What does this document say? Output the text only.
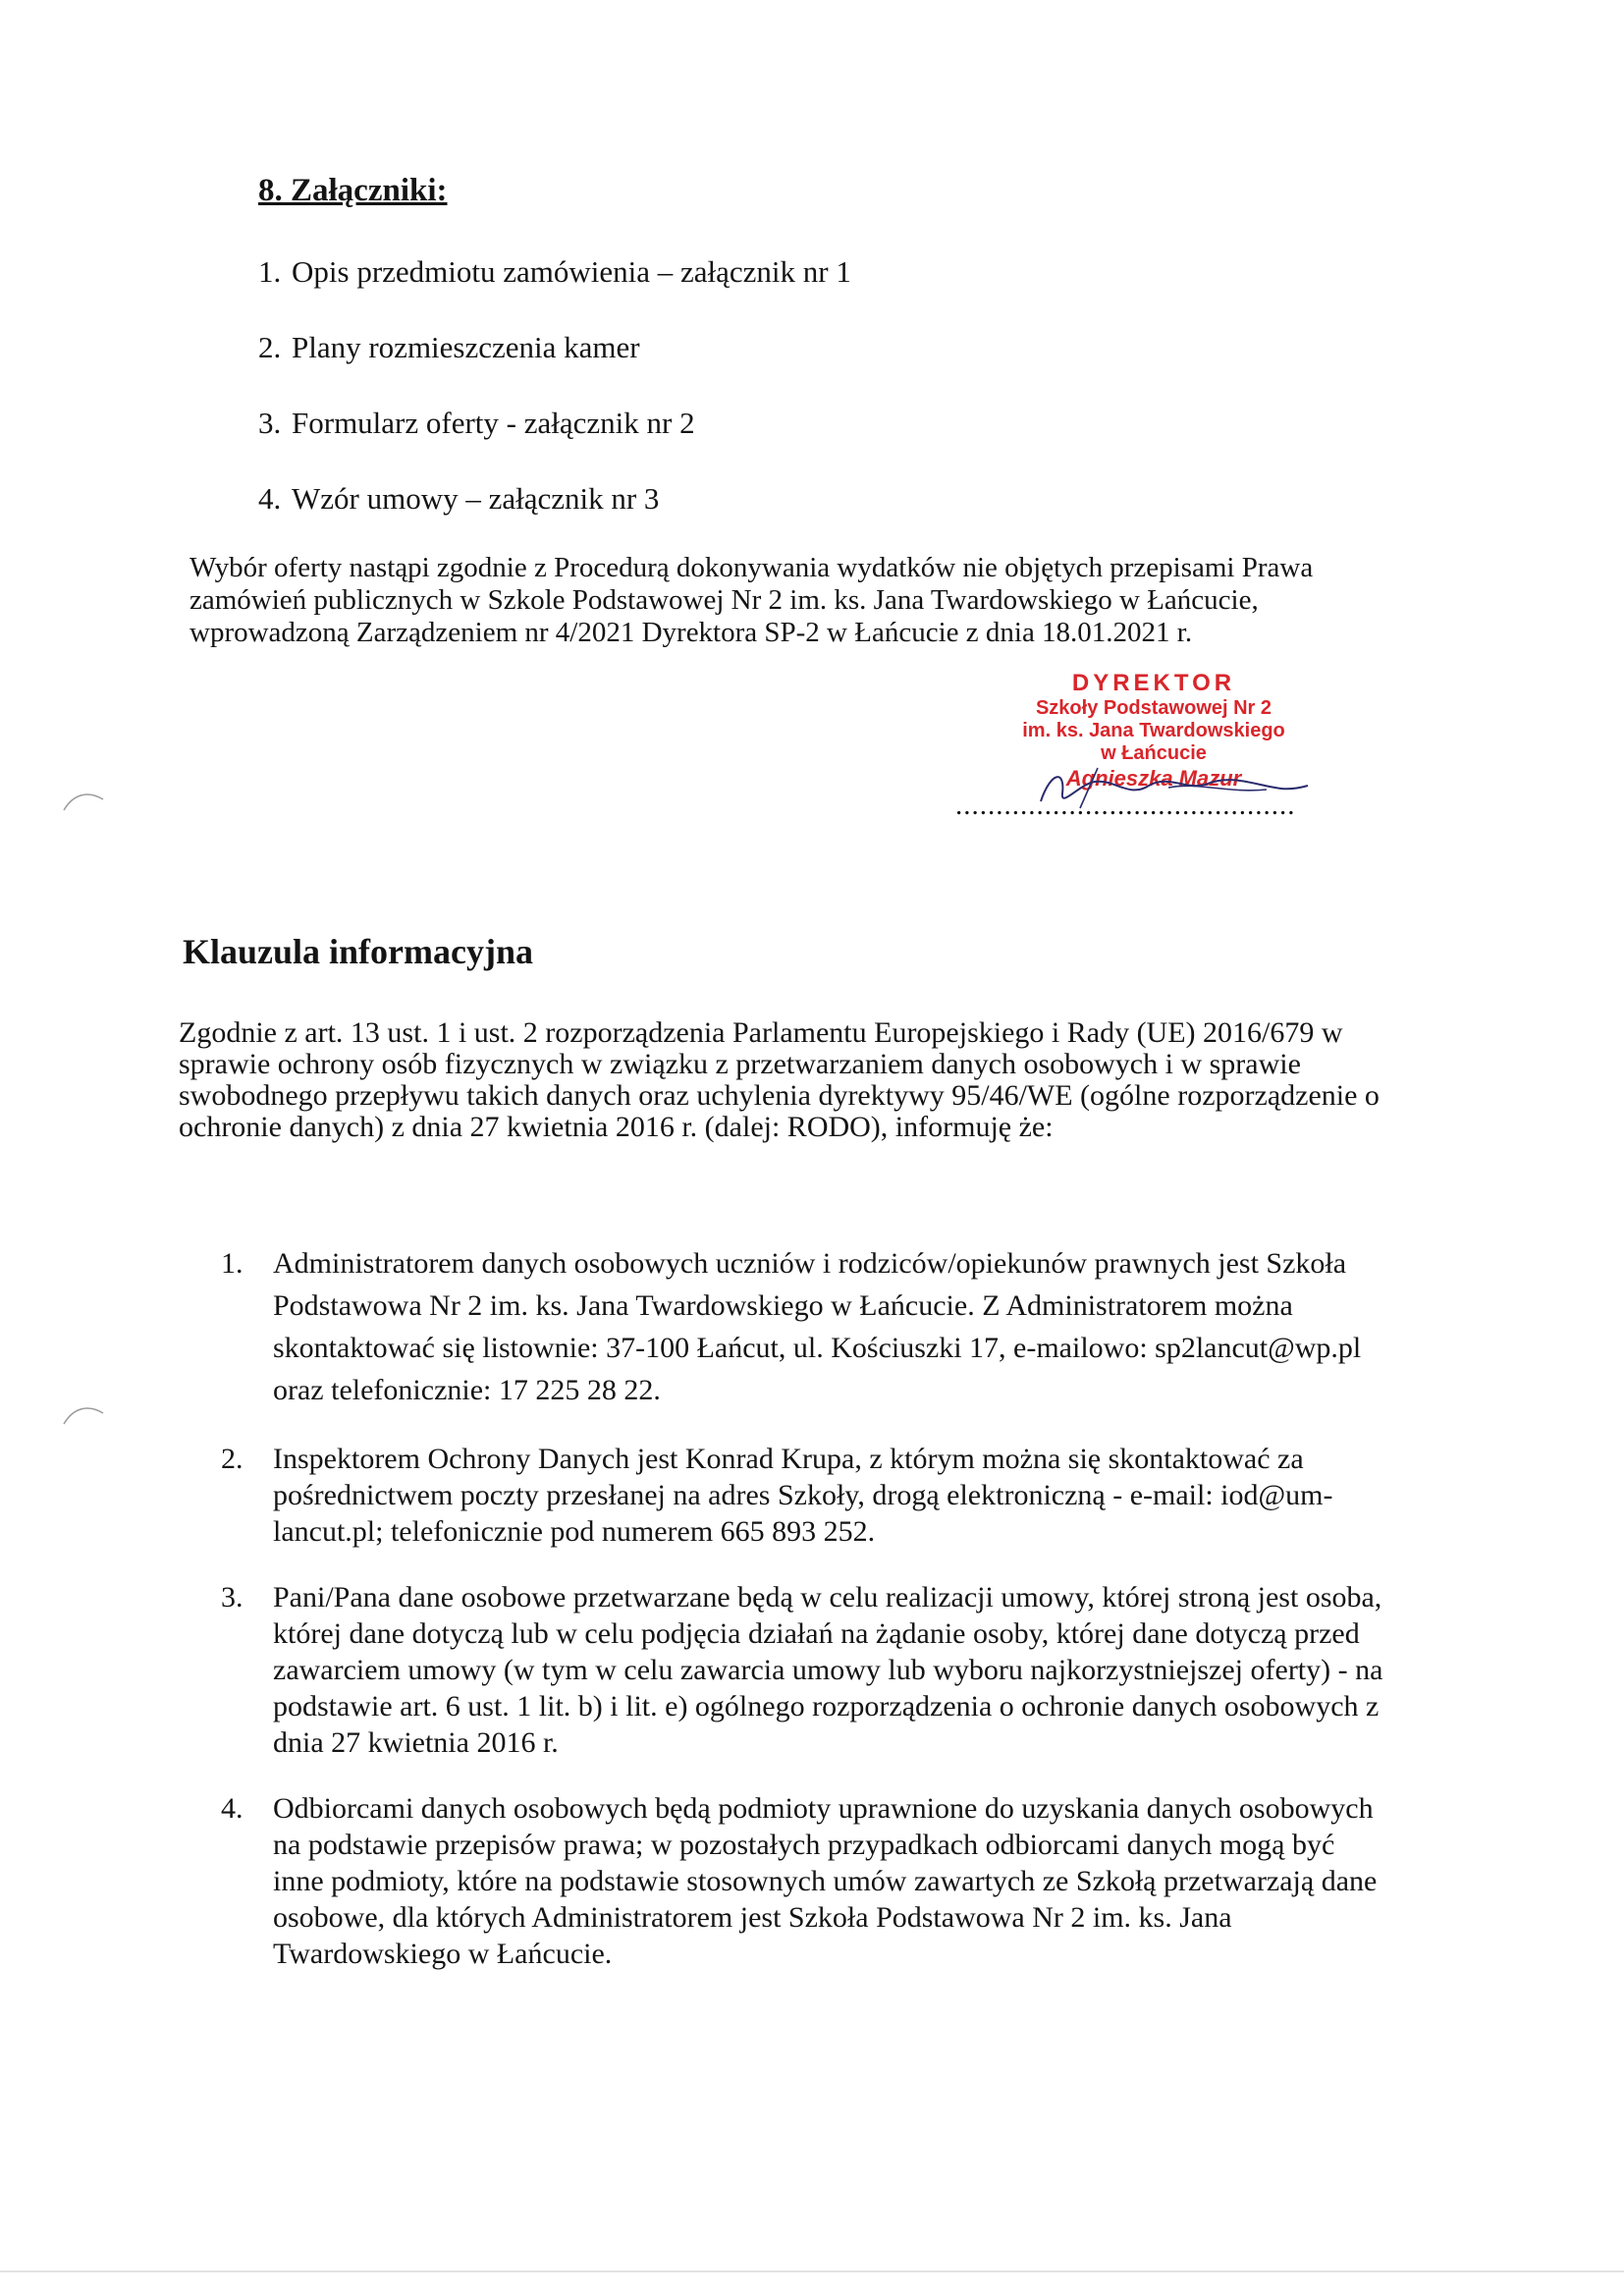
8. Załączniki:

1. Opis przedmiotu zamówienia – załącznik nr 1

2. Plany rozmieszczenia kamer

3. Formularz oferty - załącznik nr 2

4. Wzór umowy – załącznik nr 3

Wybór oferty nastąpi zgodnie z Procedurą dokonywania wydatków nie objętych przepisami Prawa zamówień publicznych w Szkole Podstawowej Nr 2 im. ks. Jana Twardowskiego w Łańcucie, wprowadzoną Zarządzeniem nr 4/2021 Dyrektora SP-2 w Łańcucie z dnia 18.01.2021 r.

DYREKTOR
Szkoły Podstawowej Nr 2
im. ks. Jana Twardowskiego
w Łańcucie
Agnieszka Mazur

..........................................

Klauzula informacyjna

Zgodnie z art. 13 ust. 1 i ust. 2 rozporządzenia Parlamentu Europejskiego i Rady (UE) 2016/679 w sprawie ochrony osób fizycznych w związku z przetwarzaniem danych osobowych i w sprawie swobodnego przepływu takich danych oraz uchylenia dyrektywy 95/46/WE (ogólne rozporządzenie o ochronie danych) z dnia 27 kwietnia 2016 r. (dalej: RODO), informuję że:

1. Administratorem danych osobowych uczniów i rodziców/opiekunów prawnych jest Szkoła Podstawowa Nr 2 im. ks. Jana Twardowskiego w Łańcucie. Z Administratorem można skontaktować się listownie: 37-100 Łańcut, ul. Kościuszki 17, e-mailowo: sp2lancut@wp.pl oraz telefonicznie: 17 225 28 22.
2. Inspektorem Ochrony Danych jest Konrad Krupa, z którym można się skontaktować za pośrednictwem poczty przesłanej na adres Szkoły, drogą elektroniczną - e-mail: iod@um-lancut.pl; telefonicznie pod numerem 665 893 252.
3. Pani/Pana dane osobowe przetwarzane będą w celu realizacji umowy, której stroną jest osoba, której dane dotyczą lub w celu podjęcia działań na żądanie osoby, której dane dotyczą przed zawarciem umowy (w tym w celu zawarcia umowy lub wyboru najkorzystniejszej oferty) - na podstawie art. 6 ust. 1 lit. b) i lit. e) ogólnego rozporządzenia o ochronie danych osobowych z dnia 27 kwietnia 2016 r.
4. Odbiorcami danych osobowych będą podmioty uprawnione do uzyskania danych osobowych na podstawie przepisów prawa; w pozostałych przypadkach odbiorcami danych mogą być inne podmioty, które na podstawie stosownych umów zawartych ze Szkołą przetwarzają dane osobowe, dla których Administratorem jest Szkoła Podstawowa Nr 2 im. ks. Jana Twardowskiego w Łańcucie.
